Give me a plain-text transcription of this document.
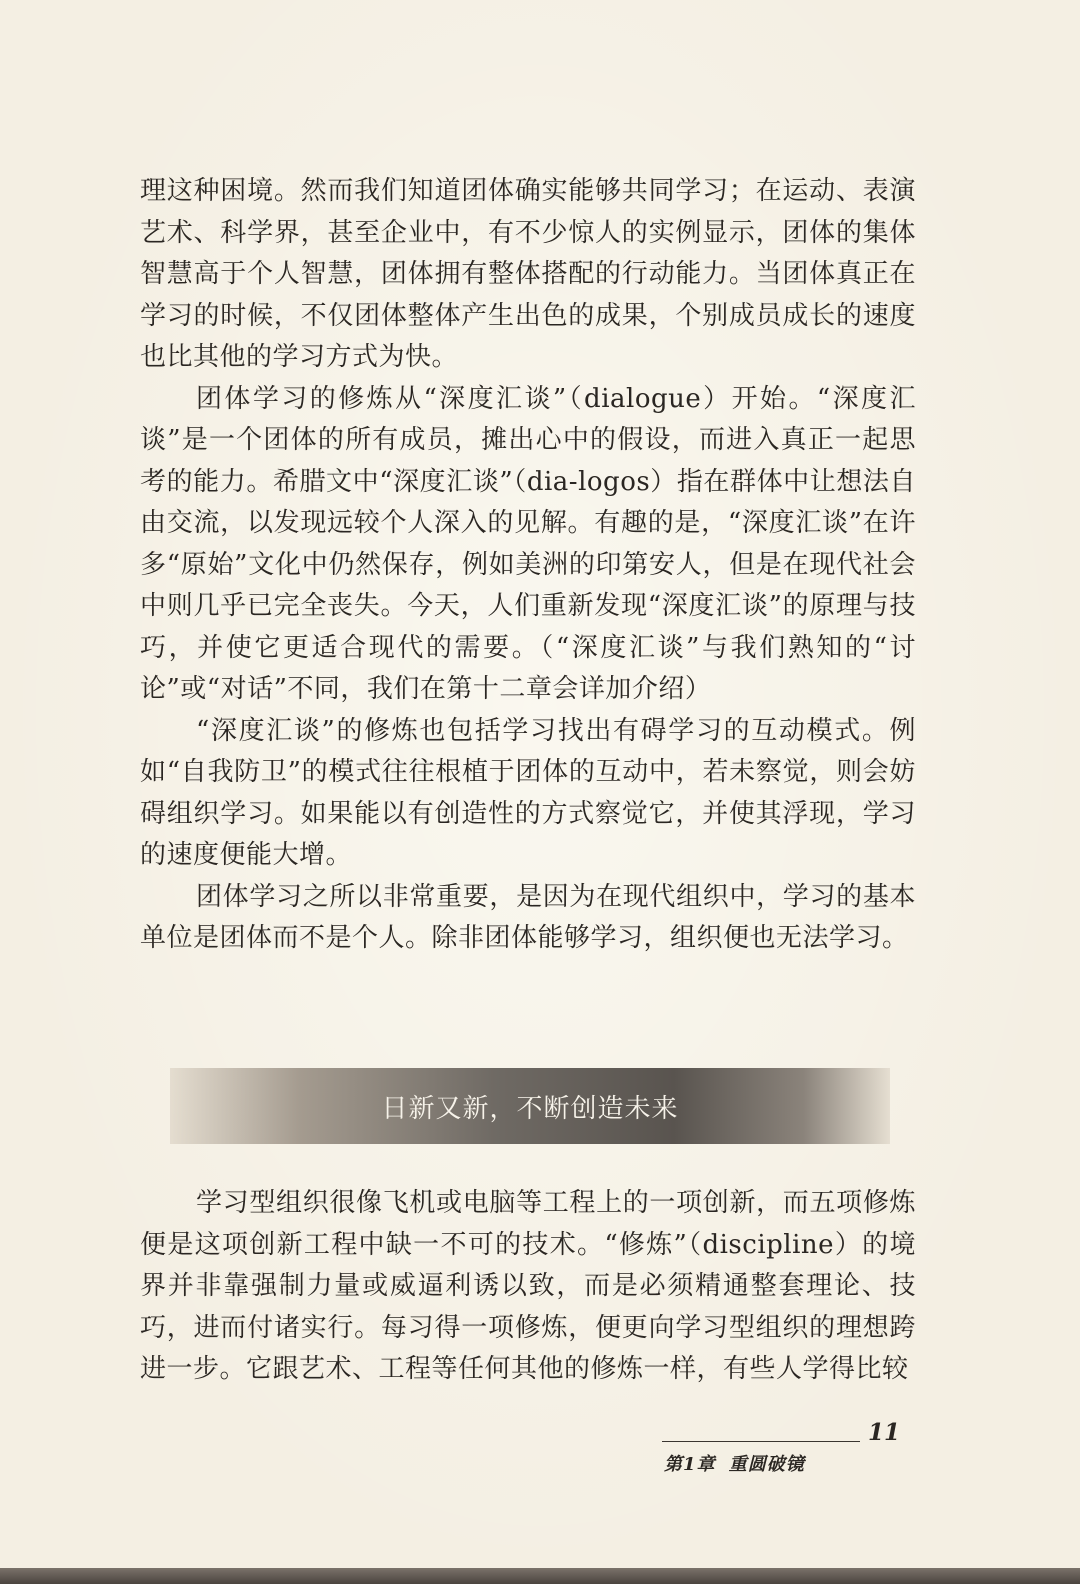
理这种困境。然而我们知道团体确实能够共同学习；在运动、表演艺术、科学界，甚至企业中，有不少惊人的实例显示，团体的集体智慧高于个人智慧，团体拥有整体搭配的行动能力。当团体真正在学习的时候，不仅团体整体产生出色的成果，个别成员成长的速度也比其他的学习方式为快。

团体学习的修炼从“深度汇谈”（dialogue）开始。“深度汇谈”是一个团体的所有成员，摊出心中的假设，而进入真正一起思考的能力。希腊文中“深度汇谈”（dia-logos）指在群体中让想法自由交流，以发现远较个人深入的见解。有趣的是，“深度汇谈”在许多“原始”文化中仍然保存，例如美洲的印第安人，但是在现代社会中则几乎已完全丧失。今天，人们重新发现“深度汇谈”的原理与技巧，并使它更适合现代的需要。（“深度汇谈”与我们熟知的“讨论”或“对话”不同，我们在第十二章会详加介绍）

“深度汇谈”的修炼也包括学习找出有碍学习的互动模式。例如“自我防卫”的模式往往根植于团体的互动中，若未察觉，则会妨碍组织学习。如果能以有创造性的方式察觉它，并使其浮现，学习的速度便能大增。

团体学习之所以非常重要，是因为在现代组织中，学习的基本单位是团体而不是个人。除非团体能够学习，组织便也无法学习。

日新又新，不断创造未来

学习型组织很像飞机或电脑等工程上的一项创新，而五项修炼便是这项创新工程中缺一不可的技术。“修炼”（discipline）的境界并非靠强制力量或威逼利诱以致，而是必须精通整套理论、技巧，进而付诸实行。每习得一项修炼，便更向学习型组织的理想跨进一步。它跟艺术、工程等任何其他的修炼一样，有些人学得比较

11
第1章 重圆破镜
